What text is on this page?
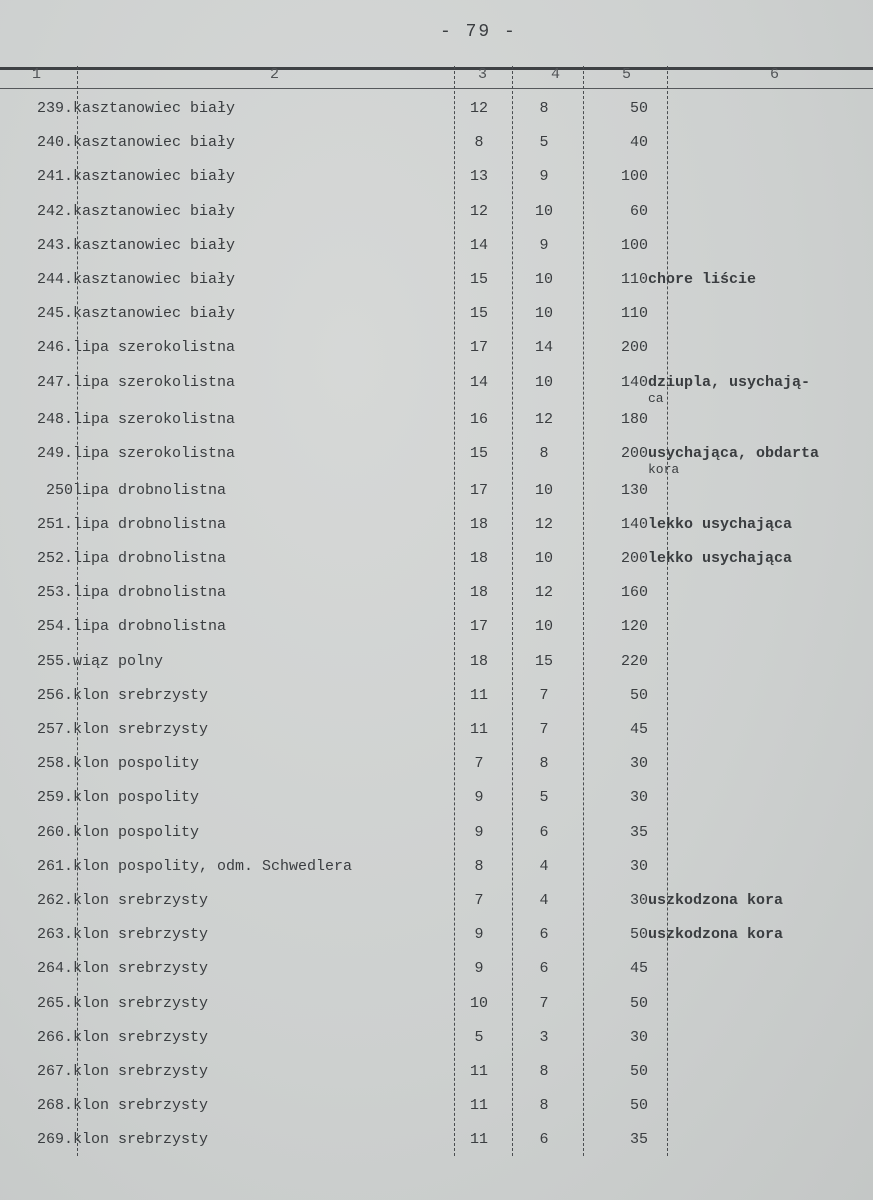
- 79 -
1	2	3	4	5	6
239.	kasztanowiec biały	12	8	50	

240.	kasztanowiec biały	8	5	40	

241.	kasztanowiec biały	13	9	100	

242.	kasztanowiec biały	12	10	60	

243.	kasztanowiec biały	14	9	100	

244.	kasztanowiec biały	15	10	110	chore liście

245.	kasztanowiec biały	15	10	110	

246.	lipa szerokolistna	17	14	200	

247.	lipa szerokolistna	14	10	140	dziupla, usychają-
ca

248.	lipa szerokolistna	16	12	180	

249.	lipa szerokolistna	15	8	200	usychająca, obdarta
kora

250	lipa drobnolistna	17	10	130	

251.	lipa drobnolistna	18	12	140	lekko usychająca

252.	lipa drobnolistna	18	10	200	lekko usychająca

253.	lipa drobnolistna	18	12	160	

254.	lipa drobnolistna	17	10	120	

255.	wiąz polny	18	15	220	

256.	klon srebrzysty	11	7	50	

257.	klon srebrzysty	11	7	45	

258.	klon pospolity	7	8	30	

259.	klon pospolity	9	5	30	

260.	klon pospolity	9	6	35	

261.	klon pospolity, odm. Schwedlera	8	4	30	

262.	klon srebrzysty	7	4	30	uszkodzona kora

263.	klon srebrzysty	9	6	50	uszkodzona kora

264.	klon srebrzysty	9	6	45	

265.	klon srebrzysty	10	7	50	

266.	klon srebrzysty	5	3	30	

267.	klon srebrzysty	11	8	50	

268.	klon srebrzysty	11	8	50	

269.	klon srebrzysty	11	6	35	
